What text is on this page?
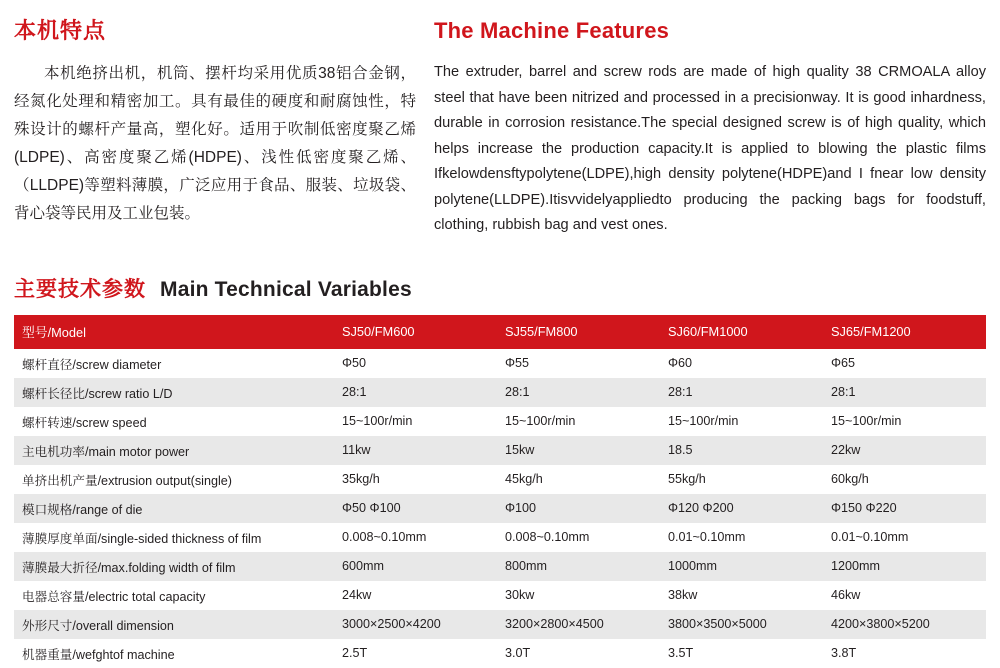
本机特点

本机绝挤出机，机筒、摆杆均采用优质38铝合金钢，经氮化处理和精密加工。具有最佳的硬度和耐腐蚀性，特殊设计的螺杆产量高，塑化好。适用于吹制低密度聚乙烯(LDPE)、高密度聚乙烯(HDPE)、浅性低密度聚乙烯、（LLDPE)等塑料薄膜，广泛应用于食品、服装、垃圾袋、背心袋等民用及工业包装。

The Machine Features

The extruder, barrel and screw rods are made of high quality 38 CRMOALA alloy steel that have been nitrized and processed in a precisionway. It is good inhardness, durable in corrosion resistance.The special designed screw is of high quality, which helps increase the production capacity.It is applied to blowing the plastic films Ifkelowdensftypolytene(LDPE),high density polytene(HDPE)and I fnear low density polytene(LLDPE).Itisvvidelyappliedto producing the packing bags for foodstuff, clothing, rubbish bag and vest ones.

主要技术参数 Main Technical Variables
型号/Model	SJ50/FM600	SJ55/FM800	SJ60/FM1000	SJ65/FM1200
螺杆直径/screw diameter	Φ50	Φ55	Φ60	Φ65
螺杆长径比/screw ratio L/D	28:1	28:1	28:1	28:1
螺杆转速/screw speed	15~100r/min	15~100r/min	15~100r/min	15~100r/min
主电机功率/main motor power	11kw	15kw	18.5	22kw
单挤出机产量/extrusion output(single)	35kg/h	45kg/h	55kg/h	60kg/h
模口规格/range of die	Φ50 Φ100	Φ100	Φ120 Φ200	Φ150 Φ220
薄膜厚度单面/single-sided thickness of film	0.008~0.10mm	0.008~0.10mm	0.01~0.10mm	0.01~0.10mm
薄膜最大折径/max.folding width of film	600mm	800mm	1000mm	1200mm
电器总容量/electric total capacity	24kw	30kw	38kw	46kw
外形尺寸/overall dimension	3000×2500×4200	3200×2800×4500	3800×3500×5000	4200×3800×5200
机器重量/wefghtof machine	2.5T	3.0T	3.5T	3.8T
